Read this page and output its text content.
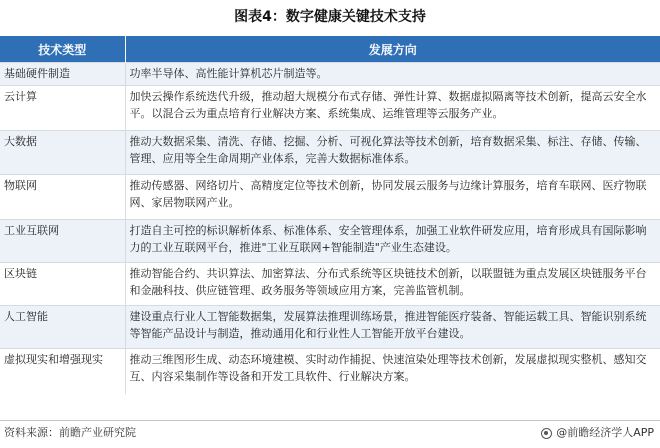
图表4：数字健康关键技术支持
技术类型	发展方向
基础硬件制造	功率半导体、高性能计算机芯片制造等。
云计算	加快云操作系统迭代升级，推动超大规模分布式存储、弹性计算、数据虚拟隔离等技术创新，提高云安全水平。以混合云为重点培育行业解决方案、系统集成、运维管理等云服务产业。
大数据	推动大数据采集、清洗、存储、挖掘、分析、可视化算法等技术创新，培育数据采集、标注、存储、传输、管理、应用等全生命周期产业体系，完善大数据标准体系。
物联网	推动传感器、网络切片、高精度定位等技术创新，协同发展云服务与边缘计算服务，培育车联网、医疗物联网、家居物联网产业。
工业互联网	打造自主可控的标识解析体系、标准体系、安全管理体系，加强工业软件研发应用，培育形成具有国际影响力的工业互联网平台，推进"工业互联网+智能制造"产业生态建设。
区块链	推动智能合约、共识算法、加密算法、分布式系统等区块链技术创新，以联盟链为重点发展区块链服务平台和金融科技、供应链管理、政务服务等领域应用方案，完善监管机制。
人工智能	建设重点行业人工智能数据集，发展算法推理训练场景，推进智能医疗装备、智能运载工具、智能识别系统等智能产品设计与制造，推动通用化和行业性人工智能开放平台建设。
虚拟现实和增强现实	推动三维图形生成、动态环境建模、实时动作捕捉、快速渲染处理等技术创新，发展虚拟现实整机、感知交互、内容采集制作等设备和开发工具软件、行业解决方案。
资料来源：前瞻产业研究院	@前瞻经济学人APP
